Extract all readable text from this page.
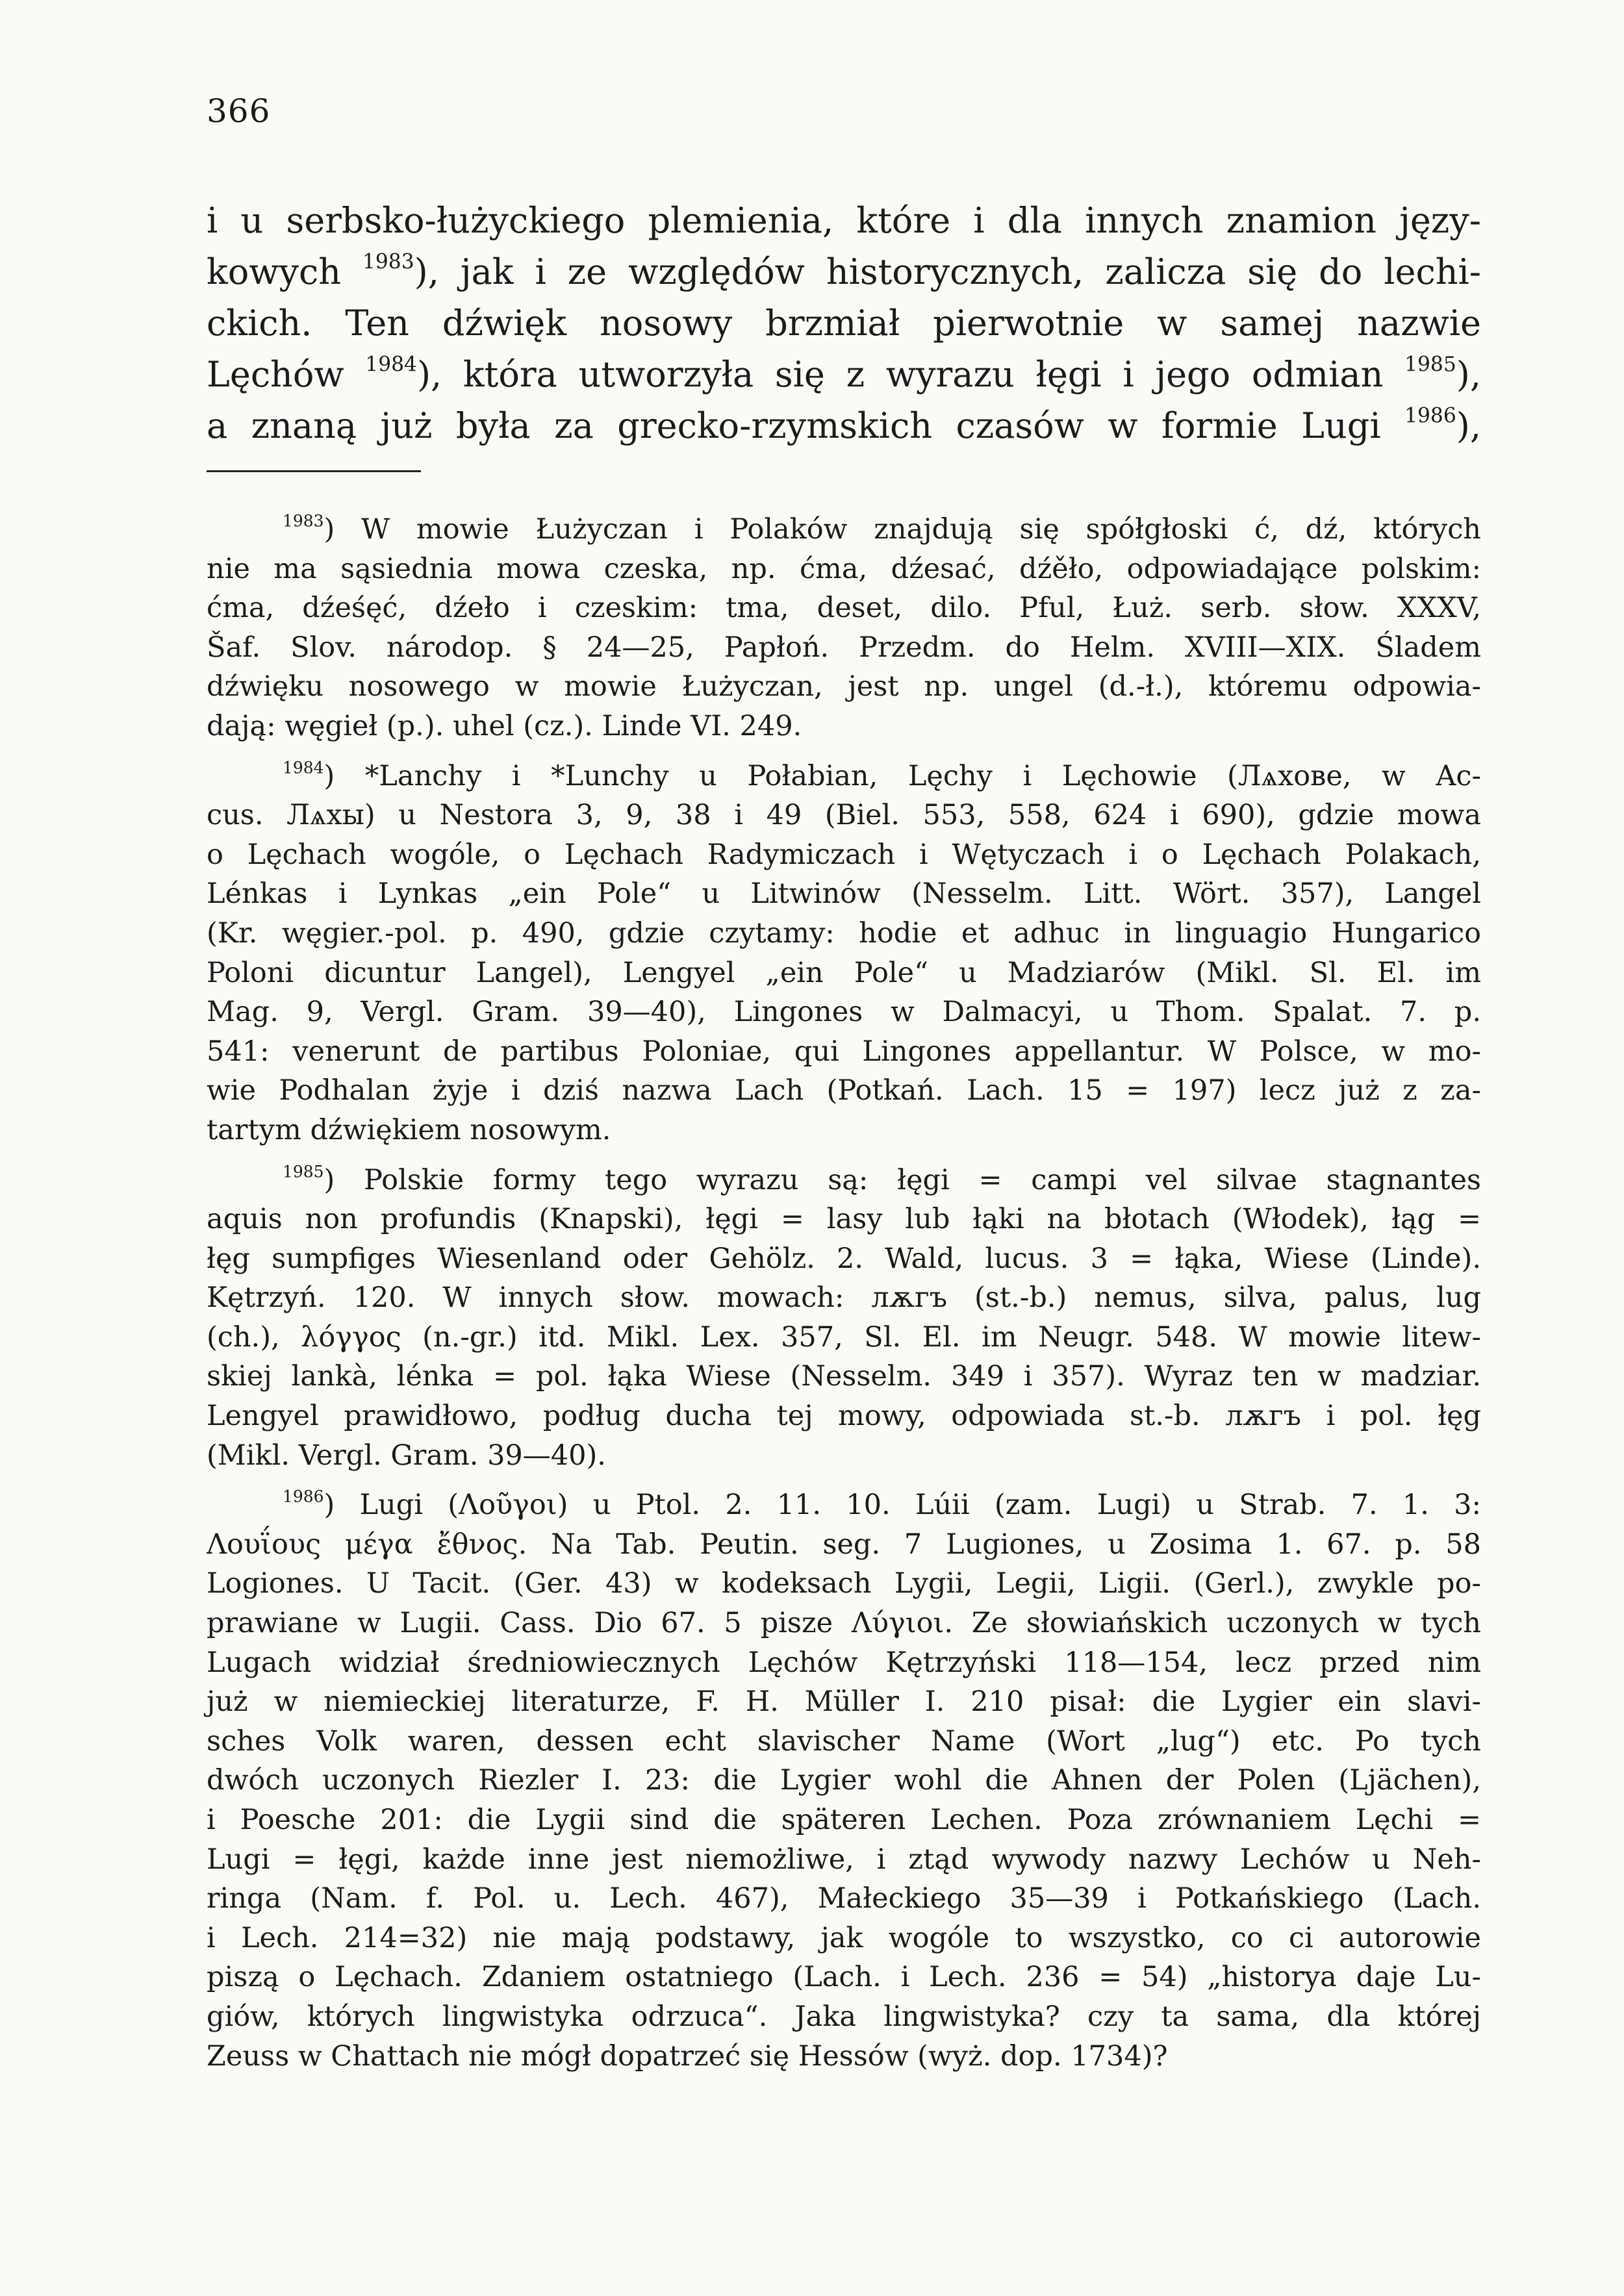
366
i u serbsko-łużyckiego plemienia, które i dla innych znamion języ-
kowych $^{1983}$), jak i ze względów historycznych, zalicza się do lechi-
ckich. Ten dźwięk nosowy brzmiał pierwotnie w samej nazwie
Lęchów $^{1984}$), która utworzyła się z wyrazu łęgi i jego odmian $^{1985}$),
a znaną już była za grecko-rzymskich czasów w formie Lugi $^{1986}$),
$^{1983}$) W mowie Łużyczan i Polaków znajdują się spółgłoski ć, dź, których
nie ma sąsiednia mowa czeska, np. ćma, dźesać, dźěło, odpowiadające polskim:
ćma, dźeśęć, dźeło i czeskim: tma, deset, dilo. Pful, Łuż. serb. słow. XXXV,
Šaf. Slov. národop. § 24—25, Papłoń. Przedm. do Helm. XVIII—XIX. Śladem
dźwięku nosowego w mowie Łużyczan, jest np. ungel (d.-ł.), któremu odpowia-
dają: węgieł (p.). uhel (cz.). Linde VI. 249.
$^{1984}$) *Lanchy i *Lunchy u Połabian, Lęchy i Lęchowie (Лѧховe, w Ac-
cus. Лѧхы) u Nestora 3, 9, 38 i 49 (Biel. 553, 558, 624 i 690), gdzie mowa
o Lęchach wogóle, o Lęchach Radymiczach i Wętyczach i o Lęchach Polakach,
Lénkas i Lynkas „ein Pole“ u Litwinów (Nesselm. Litt. Wört. 357), Langel
(Kr. węgier.-pol. p. 490, gdzie czytamy: hodie et adhuc in linguagio Hungarico
Poloni dicuntur Langel), Lengyel „ein Pole“ u Madziarów (Mikl. Sl. El. im
Mag. 9, Vergl. Gram. 39—40), Lingones w Dalmacyi, u Thom. Spalat. 7. p.
541: venerunt de partibus Poloniae, qui Lingones appellantur. W Polsce, w mo-
wie Podhalan żyje i dziś nazwa Lach (Potkań. Lach. 15 = 197) lecz już z za-
tartym dźwiękiem nosowym.
$^{1985}$) Polskie formy tego wyrazu są: łęgi = campi vel silvae stagnantes
aquis non profundis (Knapski), łęgi = lasy lub łąki na błotach (Włodek), łąg =
łęg sumpfiges Wiesenland oder Gehölz. 2. Wald, lucus. 3 = łąka, Wiese (Linde).
Kętrzyń. 120. W innych słow. mowach: лѫгъ (st.-b.) nemus, silva, palus, lug
(ch.), λόγγος (n.-gr.) itd. Mikl. Lex. 357, Sl. El. im Neugr. 548. W mowie litew-
skiej lankà, lénka = pol. łąka Wiese (Nesselm. 349 i 357). Wyraz ten w madziar.
Lengyel prawidłowo, podług ducha tej mowy, odpowiada st.-b. лѫгъ i pol. łęg
(Mikl. Vergl. Gram. 39—40).
$^{1986}$) Lugi (Λοῦγοι) u Ptol. 2. 11. 10. Lúii (zam. Lugi) u Strab. 7. 1. 3:
Λουΐους μέγα ἔθνος. Na Tab. Peutin. seg. 7 Lugiones, u Zosima 1. 67. p. 58
Logiones. U Tacit. (Ger. 43) w kodeksach Lygii, Legii, Ligii. (Gerl.), zwykle po-
prawiane w Lugii. Cass. Dio 67. 5 pisze Λύγιοι. Ze słowiańskich uczonych w tych
Lugach widział średniowiecznych Lęchów Kętrzyński 118—154, lecz przed nim
już w niemieckiej literaturze, F. H. Müller I. 210 pisał: die Lygier ein slavi-
sches Volk waren, dessen echt slavischer Name (Wort „lug“) etc. Po tych
dwóch uczonych Riezler I. 23: die Lygier wohl die Ahnen der Polen (Ljächen),
i Poesche 201: die Lygii sind die späteren Lechen. Poza zrównaniem Lęchi =
Lugi = łęgi, każde inne jest niemożliwe, i ztąd wywody nazwy Lechów u Neh-
ringa (Nam. f. Pol. u. Lech. 467), Małeckiego 35—39 i Potkańskiego (Lach.
i Lech. 214=32) nie mają podstawy, jak wogóle to wszystko, co ci autorowie
piszą o Lęchach. Zdaniem ostatniego (Lach. i Lech. 236 = 54) „historya daje Lu-
giów, których lingwistyka odrzuca“. Jaka lingwistyka? czy ta sama, dla której
Zeuss w Chattach nie mógł dopatrzeć się Hessów (wyż. dop. 1734)?
